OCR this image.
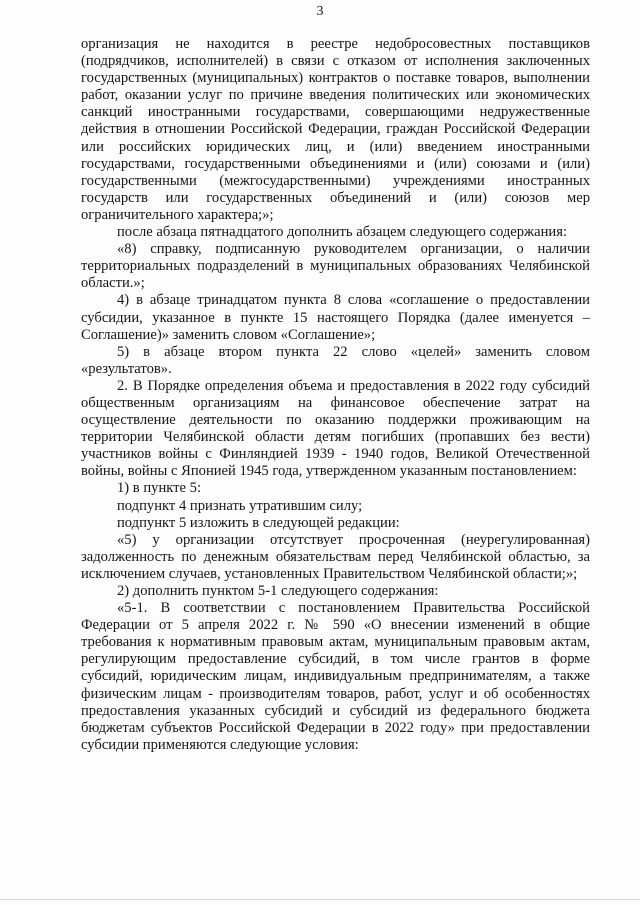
3

организация не находится в реестре недобросовестных поставщиков (подрядчиков, исполнителей) в связи с отказом от исполнения заключенных государственных (муниципальных) контрактов о поставке товаров, выполнении работ, оказании услуг по причине введения политических или экономических санкций иностранными государствами, совершающими недружественные действия в отношении Российской Федерации, граждан Российской Федерации или российских юридических лиц, и (или) введением иностранными государствами, государственными объединениями и (или) союзами и (или) государственными (межгосударственными) учреждениями иностранных государств или государственных объединений и (или) союзов мер ограничительного характера;»;

после абзаца пятнадцатого дополнить абзацем следующего содержания:

«8) справку, подписанную руководителем организации, о наличии территориальных подразделений в муниципальных образованиях Челябинской области.»;

4) в абзаце тринадцатом пункта 8 слова «соглашение о предоставлении субсидии, указанное в пункте 15 настоящего Порядка (далее именуется – Соглашение)» заменить словом «Соглашение»;

5) в абзаце втором пункта 22 слово «целей» заменить словом «результатов».

2. В Порядке определения объема и предоставления в 2022 году субсидий общественным организациям на финансовое обеспечение затрат на осуществление деятельности по оказанию поддержки проживающим на территории Челябинской области детям погибших (пропавших без вести) участников войны с Финляндией 1939 - 1940 годов, Великой Отечественной войны, войны с Японией 1945 года, утвержденном указанным постановлением:

1) в пункте 5:

подпункт 4 признать утратившим силу;

подпункт 5 изложить в следующей редакции:

«5) у организации отсутствует просроченная (неурегулированная) задолженность по денежным обязательствам перед Челябинской областью, за исключением случаев, установленных Правительством Челябинской области;»;

2) дополнить пунктом 5-1 следующего содержания:

«5-1. В соответствии с постановлением Правительства Российской Федерации от 5 апреля 2022 г. № 590 «О внесении изменений в общие требования к нормативным правовым актам, муниципальным правовым актам, регулирующим предоставление субсидий, в том числе грантов в форме субсидий, юридическим лицам, индивидуальным предпринимателям, а также физическим лицам - производителям товаров, работ, услуг и об особенностях предоставления указанных субсидий и субсидий из федерального бюджета бюджетам субъектов Российской Федерации в 2022 году» при предоставлении субсидии применяются следующие условия:
